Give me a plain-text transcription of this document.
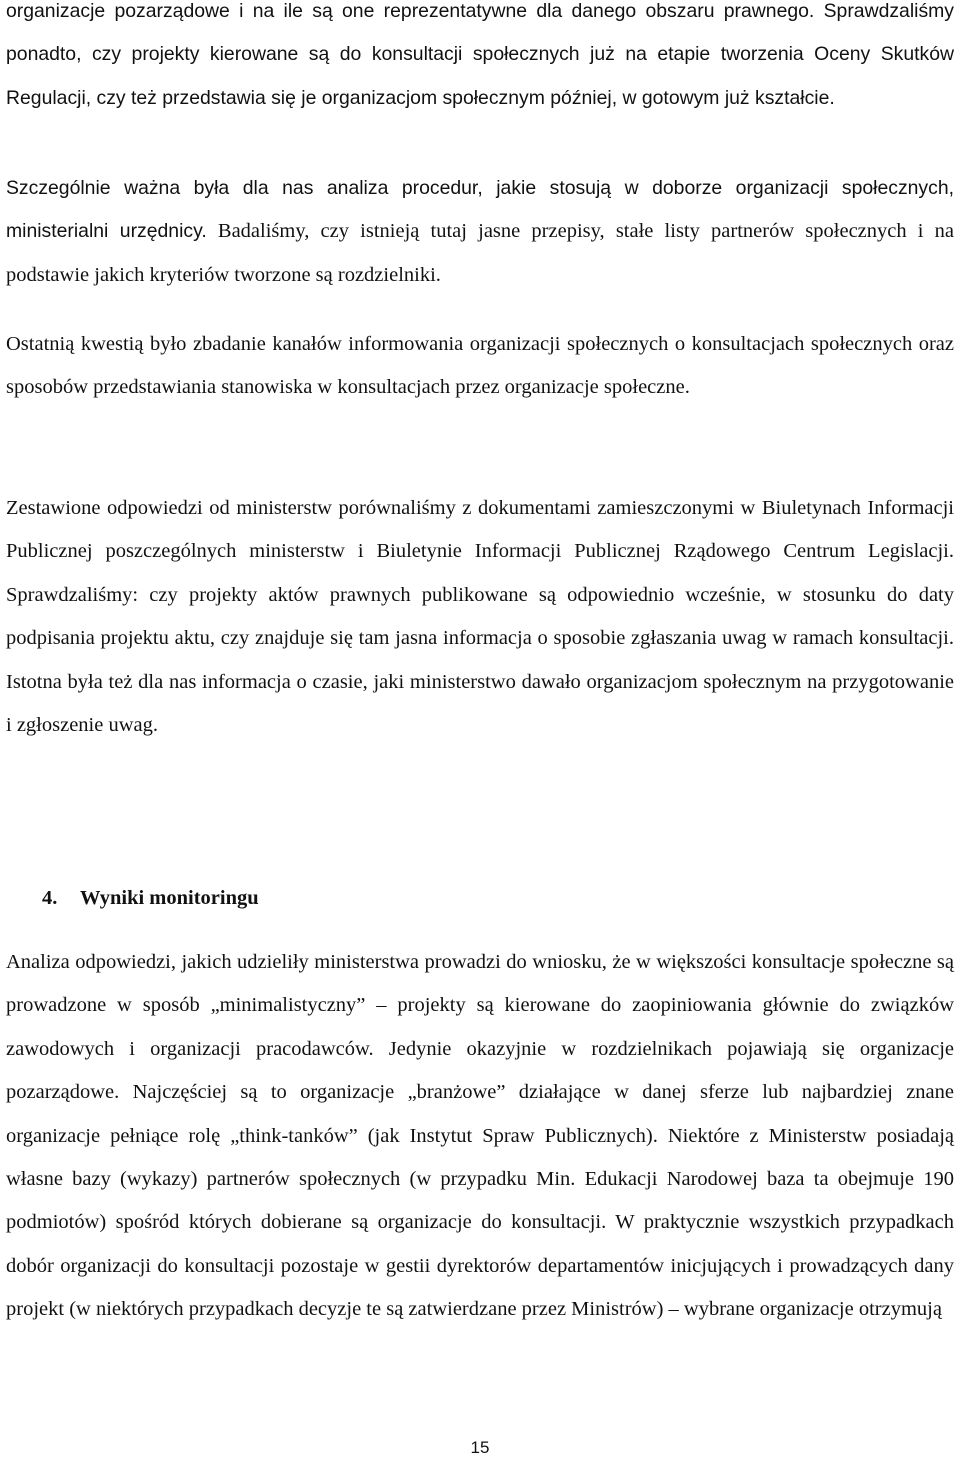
organizacje pozarządowe i na ile są one reprezentatywne dla danego obszaru prawnego. Sprawdzaliśmy ponadto, czy projekty kierowane są do konsultacji społecznych już na etapie tworzenia Oceny Skutków Regulacji, czy też przedstawia się je organizacjom społecznym później, w gotowym już kształcie.

Szczególnie ważna była dla nas analiza procedur, jakie stosują w doborze organizacji społecznych, ministerialni urzędnicy. Badaliśmy, czy istnieją tutaj jasne przepisy, stałe listy partnerów społecznych i na podstawie jakich kryteriów tworzone są rozdzielniki.

Ostatnią kwestią było zbadanie kanałów informowania organizacji społecznych o konsultacjach społecznych oraz sposobów przedstawiania stanowiska w konsultacjach przez organizacje społeczne.

Zestawione odpowiedzi od ministerstw porównaliśmy z dokumentami zamieszczonymi w Biuletynach Informacji Publicznej poszczególnych ministerstw i Biuletynie Informacji Publicznej Rządowego Centrum Legislacji. Sprawdzaliśmy: czy projekty aktów prawnych publikowane są odpowiednio wcześnie, w stosunku do daty podpisania projektu aktu, czy znajduje się tam jasna informacja o sposobie zgłaszania uwag w ramach konsultacji. Istotna była też dla nas informacja o czasie, jaki ministerstwo dawało organizacjom społecznym na przygotowanie i zgłoszenie uwag.

4. Wyniki monitoringu

Analiza odpowiedzi, jakich udzieliły ministerstwa prowadzi do wniosku, że w większości konsultacje społeczne są prowadzone w sposób „minimalistyczny” – projekty są kierowane do zaopiniowania głównie do związków zawodowych i organizacji pracodawców. Jedynie okazyjnie w rozdzielnikach pojawiają się organizacje pozarządowe. Najczęściej są to organizacje „branżowe” działające w danej sferze lub najbardziej znane organizacje pełniące rolę „think-tanków” (jak Instytut Spraw Publicznych). Niektóre z Ministerstw posiadają własne bazy (wykazy) partnerów społecznych (w przypadku Min. Edukacji Narodowej baza ta obejmuje 190 podmiotów) spośród których dobierane są organizacje do konsultacji. W praktycznie wszystkich przypadkach dobór organizacji do konsultacji pozostaje w gestii dyrektorów departamentów inicjujących i prowadzących dany projekt (w niektórych przypadkach decyzje te są zatwierdzane przez Ministrów) – wybrane organizacje otrzymują

15
